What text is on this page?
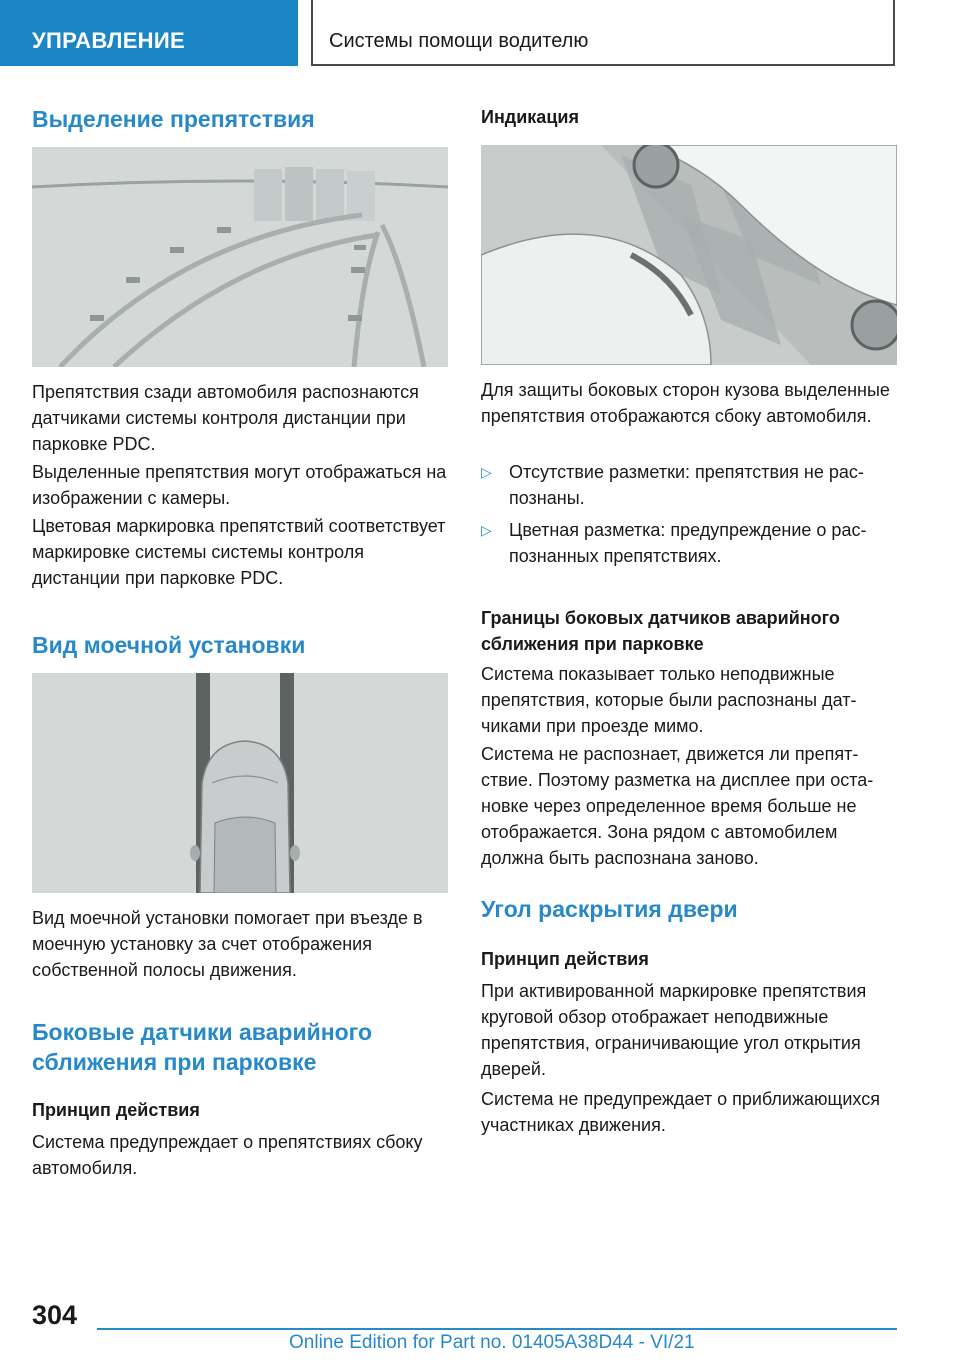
УПРАВЛЕНИЕ	Системы помощи водителю
Выделение препятствия
Препятствия сзади автомобиля распознаются датчиками системы контроля дистанции при парковке PDC.
Выделенные препятствия могут отображаться на изображении с камеры.
Цветовая маркировка препятствий соответствует маркировке системы системы контроля дистанции при парковке PDC.
Вид моечной установки
Вид моечной установки помогает при въезде в моечную установку за счет отображения собственной полосы движения.
Боковые датчики аварийного сближения при парковке
Принцип действия
Система предупреждает о препятствиях сбоку автомобиля.
Индикация
Для защиты боковых сторон кузова выделенные препятствия отображаются сбоку автомобиля.
▷ Отсутствие разметки: препятствия не распознаны.
▷ Цветная разметка: предупреждение о распознанных препятствиях.
Границы боковых датчиков аварийного сближения при парковке
Система показывает только неподвижные препятствия, которые были распознаны датчиками при проезде мимо.
Система не распознает, движется ли препятствие. Поэтому разметка на дисплее при остановке через определенное время больше не отображается. Зона рядом с автомобилем должна быть распознана заново.
Угол раскрытия двери
Принцип действия
При активированной маркировке препятствия круговой обзор отображает неподвижные препятствия, ограничивающие угол открытия дверей.
Система не предупреждает о приближающихся участниках движения.
304
Online Edition for Part no. 01405A38D44 - VI/21
